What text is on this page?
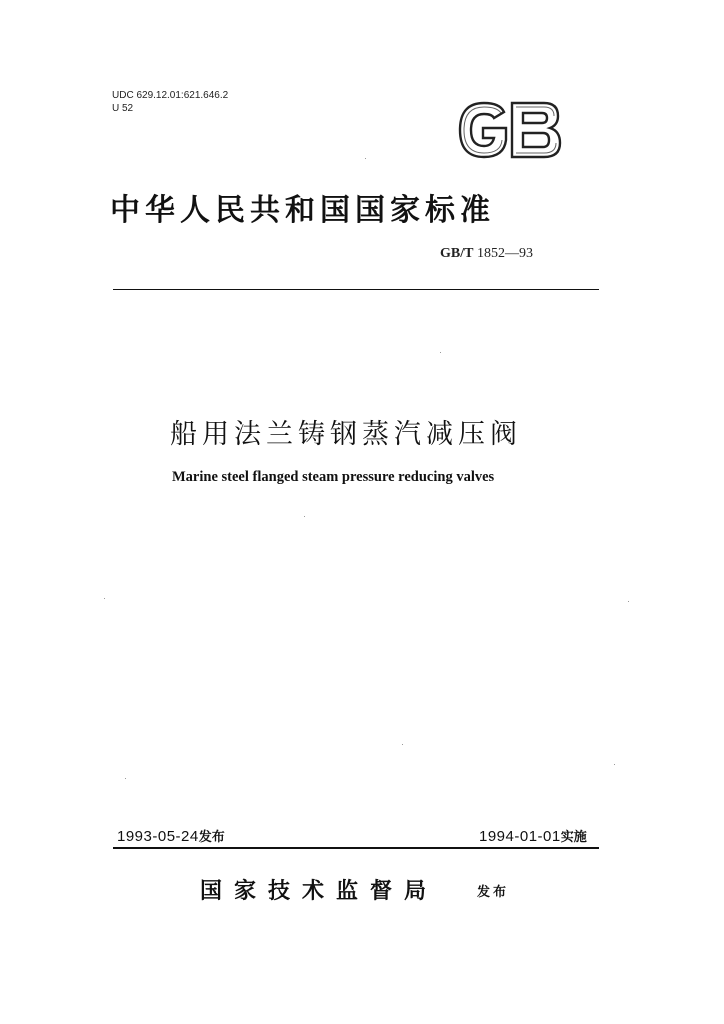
UDC 629.12.01:621.646.2
U 52
中华人民共和国国家标准
GB/T 1852—93
船用法兰铸钢蒸汽减压阀
Marine steel flanged steam pressure reducing valves
1993-05-24发布	1994-01-01实施
国家技术监督局	发布
